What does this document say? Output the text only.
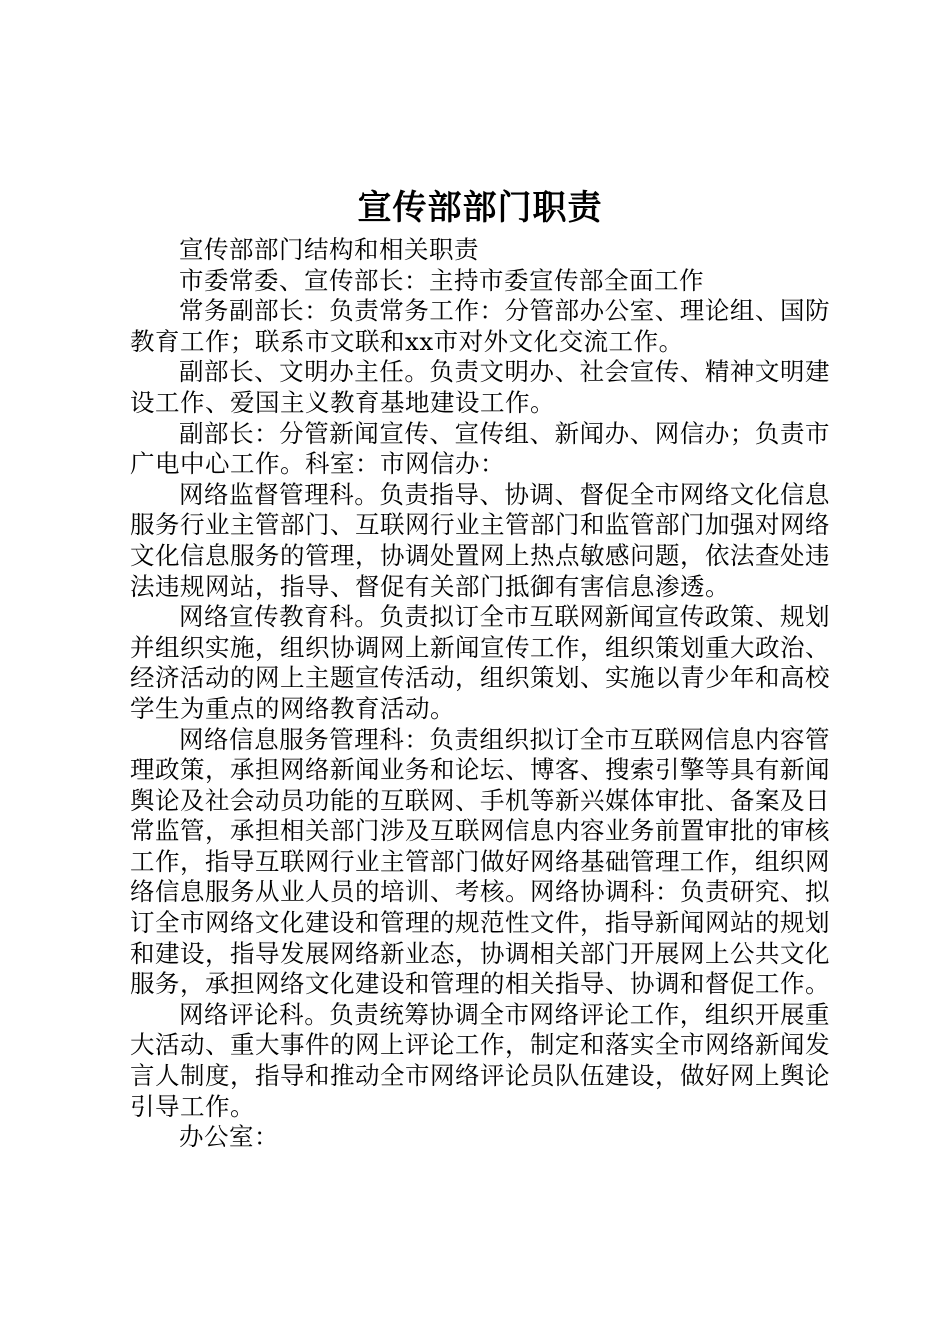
宣传部部门职责

宣传部部门结构和相关职责

市委常委、宣传部长：主持市委宣传部全面工作

常务副部长：负责常务工作：分管部办公室、理论组、国防教育工作；联系市文联和xx市对外文化交流工作。

副部长、文明办主任。负责文明办、社会宣传、精神文明建设工作、爱国主义教育基地建设工作。

副部长：分管新闻宣传、宣传组、新闻办、网信办；负责市广电中心工作。科室：市网信办：

网络监督管理科。负责指导、协调、督促全市网络文化信息服务行业主管部门、互联网行业主管部门和监管部门加强对网络文化信息服务的管理，协调处置网上热点敏感问题，依法查处违法违规网站，指导、督促有关部门抵御有害信息渗透。

网络宣传教育科。负责拟订全市互联网新闻宣传政策、规划并组织实施，组织协调网上新闻宣传工作，组织策划重大政治、经济活动的网上主题宣传活动，组织策划、实施以青少年和高校学生为重点的网络教育活动。

网络信息服务管理科：负责组织拟订全市互联网信息内容管理政策，承担网络新闻业务和论坛、博客、搜索引擎等具有新闻舆论及社会动员功能的互联网、手机等新兴媒体审批、备案及日常监管，承担相关部门涉及互联网信息内容业务前置审批的审核工作，指导互联网行业主管部门做好网络基础管理工作，组织网络信息服务从业人员的培训、考核。网络协调科：负责研究、拟订全市网络文化建设和管理的规范性文件，指导新闻网站的规划和建设，指导发展网络新业态，协调相关部门开展网上公共文化服务，承担网络文化建设和管理的相关指导、协调和督促工作。

网络评论科。负责统筹协调全市网络评论工作，组织开展重大活动、重大事件的网上评论工作，制定和落实全市网络新闻发言人制度，指导和推动全市网络评论员队伍建设，做好网上舆论引导工作。

办公室：
